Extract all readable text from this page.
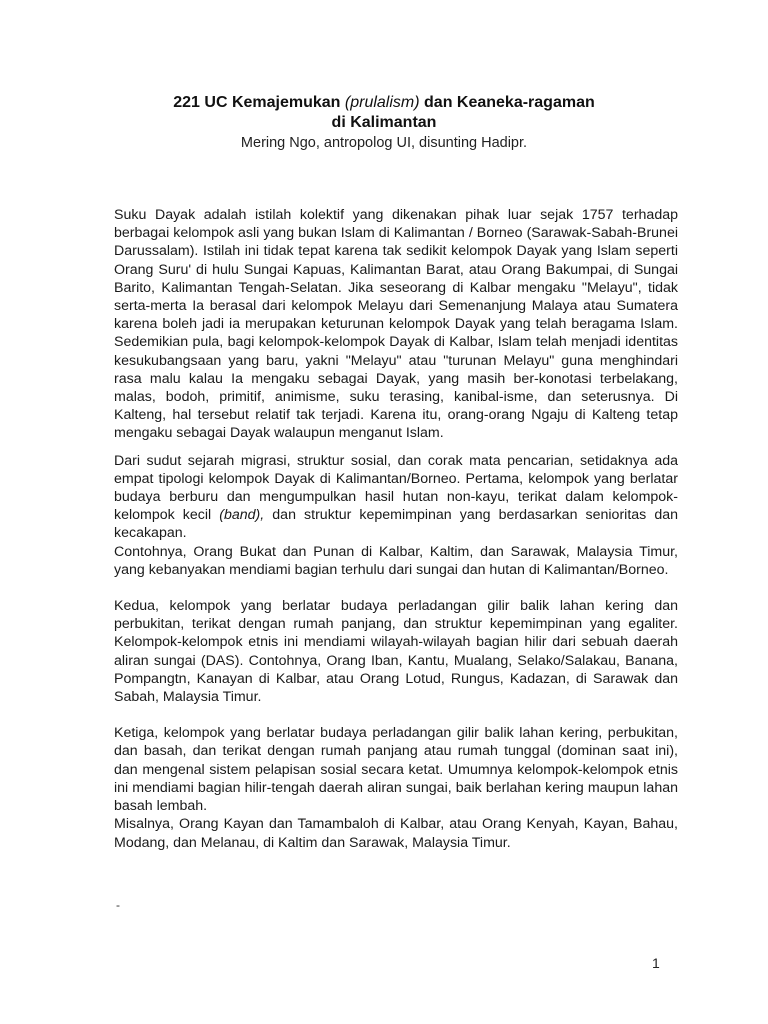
221 UC Kemajemukan (prulalism) dan Keaneka-ragaman
di Kalimantan
Mering Ngo, antropolog UI, disunting Hadipr.

Suku Dayak adalah istilah kolektif yang dikenakan pihak luar sejak 1757 terhadap berbagai kelompok asli yang bukan Islam di Kalimantan / Borneo (Sarawak-Sabah-Brunei Darussalam). Istilah ini tidak tepat karena tak sedikit kelompok Dayak yang Islam seperti Orang Suru' di hulu Sungai Kapuas, Kalimantan Barat, atau Orang Bakumpai, di Sungai Barito, Kalimantan Tengah-Selatan. Jika seseorang di Kalbar mengaku "Melayu", tidak serta-merta Ia berasal dari kelompok Melayu dari Semenanjung Malaya atau Sumatera karena boleh jadi ia merupakan keturunan kelompok Dayak yang telah beragama Islam. Sedemikian pula, bagi kelompok-kelompok Dayak di Kalbar, Islam telah menjadi identitas kesukubangsaan yang baru, yakni "Melayu" atau "turunan Melayu" guna menghindari rasa malu kalau Ia mengaku sebagai Dayak, yang masih ber-konotasi terbelakang, malas, bodoh, primitif, animisme, suku terasing, kanibal-isme, dan seterusnya. Di Kalteng, hal tersebut relatif tak terjadi. Karena itu, orang-orang Ngaju di Kalteng tetap mengaku sebagai Dayak walaupun menganut Islam.

Dari sudut sejarah migrasi, struktur sosial, dan corak mata pencarian, setidaknya ada empat tipologi kelompok Dayak di Kalimantan/Borneo. Pertama, kelompok yang berlatar budaya berburu dan mengumpulkan hasil hutan non-kayu, terikat dalam kelompok-kelompok kecil (band), dan struktur kepemimpinan yang berdasarkan senioritas dan kecakapan.

Contohnya, Orang Bukat dan Punan di Kalbar, Kaltim, dan Sarawak, Malaysia Timur, yang kebanyakan mendiami bagian terhulu dari sungai dan hutan di Kalimantan/Borneo.

Kedua, kelompok yang berlatar budaya perladangan gilir balik lahan kering dan perbukitan, terikat dengan rumah panjang, dan struktur kepemimpinan yang egaliter. Kelompok-kelompok etnis ini mendiami wilayah-wilayah bagian hilir dari sebuah daerah aliran sungai (DAS). Contohnya, Orang Iban, Kantu, Mualang, Selako/Salakau, Banana, Pompangtn, Kanayan di Kalbar, atau Orang Lotud, Rungus, Kadazan, di Sarawak dan Sabah, Malaysia Timur.

Ketiga, kelompok yang berlatar budaya perladangan gilir balik lahan kering, perbukitan, dan basah, dan terikat dengan rumah panjang atau rumah tunggal (dominan saat ini), dan mengenal sistem pelapisan sosial secara ketat. Umumnya kelompok-kelompok etnis ini mendiami bagian hilir-tengah daerah aliran sungai, baik berlahan kering maupun lahan basah lembah.

Misalnya, Orang Kayan dan Tamambaloh di Kalbar, atau Orang Kenyah, Kayan, Bahau, Modang, dan Melanau, di Kaltim dan Sarawak, Malaysia Timur.

-
1
